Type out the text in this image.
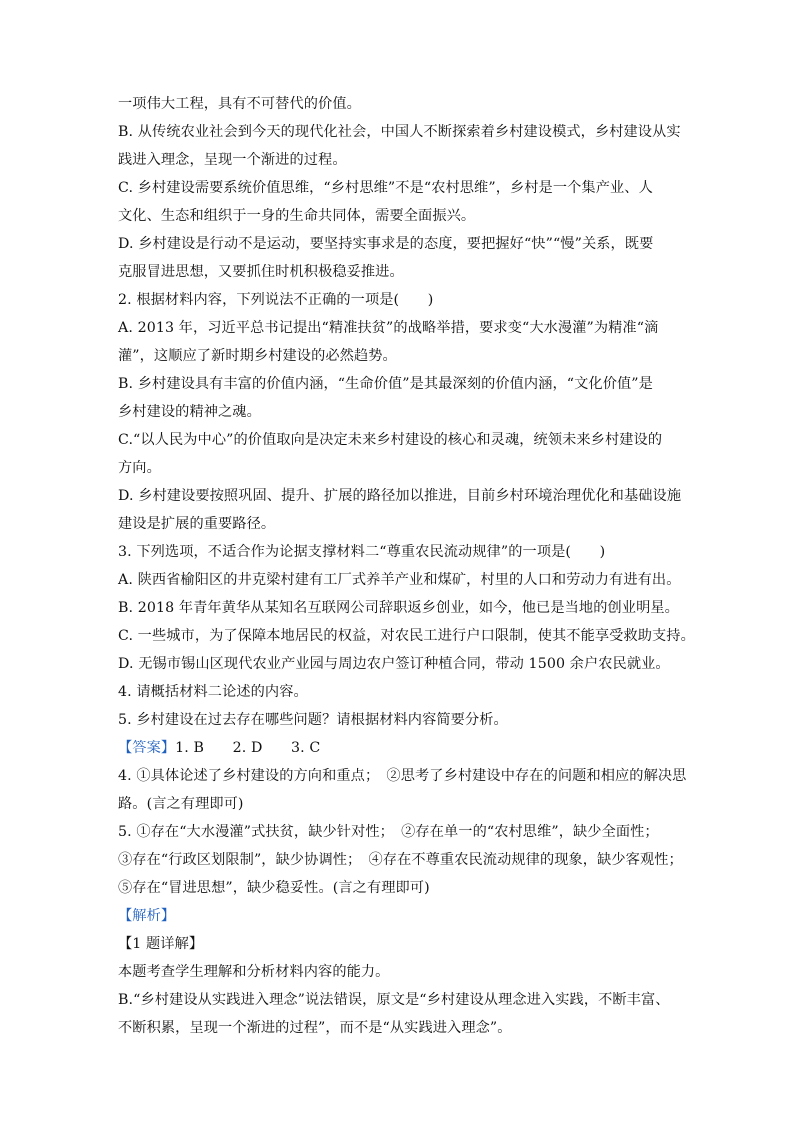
一项伟大工程，具有不可替代的价值。
B. 从传统农业社会到今天的现代化社会，中国人不断探索着乡村建设模式，乡村建设从实
践进入理念，呈现一个渐进的过程。
C. 乡村建设需要系统价值思维，“乡村思维”不是“农村思维”，乡村是一个集产业、人
文化、生态和组织于一身的生命共同体，需要全面振兴。
D. 乡村建设是行动不是运动，要坚持实事求是的态度，要把握好“快”“慢”关系，既要
克服冒进思想，又要抓住时机积极稳妥推进。
2. 根据材料内容，下列说法不正确的一项是(　　)
A. 2013 年，习近平总书记提出“精准扶贫”的战略举措，要求变“大水漫灌”为精准“滴
灌”，这顺应了新时期乡村建设的必然趋势。
B. 乡村建设具有丰富的价值内涵，“生命价值”是其最深刻的价值内涵，“文化价值”是
乡村建设的精神之魂。
C.“以人民为中心”的价值取向是决定未来乡村建设的核心和灵魂，统领未来乡村建设的
方向。
D. 乡村建设要按照巩固、提升、扩展的路径加以推进，目前乡村环境治理优化和基础设施
建设是扩展的重要路径。
3. 下列选项，不适合作为论据支撑材料二“尊重农民流动规律”的一项是(　　)
A. 陕西省榆阳区的井克梁村建有工厂式养羊产业和煤矿，村里的人口和劳动力有进有出。
B. 2018 年青年黄华从某知名互联网公司辞职返乡创业，如今，他已是当地的创业明星。
C. 一些城市，为了保障本地居民的权益，对农民工进行户口限制，使其不能享受救助支持。
D. 无锡市锡山区现代农业产业园与周边农户签订种植合同，带动 1500 余户农民就业。
4. 请概括材料二论述的内容。
5. 乡村建设在过去存在哪些问题？请根据材料内容简要分析。
【答案】1. B　　2. D　　3. C
4. ①具体论述了乡村建设的方向和重点；　②思考了乡村建设中存在的问题和相应的解决思
路。(言之有理即可)
5. ①存在“大水漫灌”式扶贫，缺少针对性；　②存在单一的“农村思维”，缺少全面性；
③存在“行政区划限制”，缺少协调性；　④存在不尊重农民流动规律的现象，缺少客观性；
⑤存在“冒进思想”，缺少稳妥性。(言之有理即可)
【解析】
【1 题详解】
本题考查学生理解和分析材料内容的能力。
B.“乡村建设从实践进入理念”说法错误，原文是“乡村建设从理念进入实践，不断丰富、
不断积累，呈现一个渐进的过程”，而不是“从实践进入理念”。
